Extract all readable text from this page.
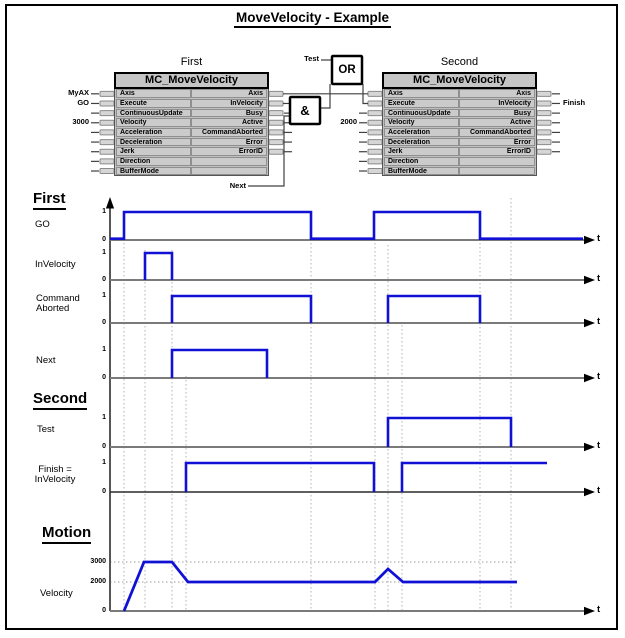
MoveVelocity - Example
First
t
GO
1
0
t
InVelocity
1
0
t
Command
Aborted
1
0
t
Next
1
0
Second
t
Test
1
0
t
Finish =
InVelocity
1
0
Motion
t
Velocity
3000
2000
0
First
MC_MoveVelocity
Axis
Execute
ContinuousUpdate
Velocity
Acceleration
Deceleration
Jerk
Direction
BufferMode
Axis
InVelocity
Busy
Active
CommandAborted
Error
ErrorID
MyAX
GO
3000
Second
MC_MoveVelocity
Axis
Execute
ContinuousUpdate
Velocity
Acceleration
Deceleration
Jerk
Direction
BufferMode
Axis
InVelocity
Busy
Active
CommandAborted
Error
ErrorID
2000
Finish
&
OR
Test
Next
